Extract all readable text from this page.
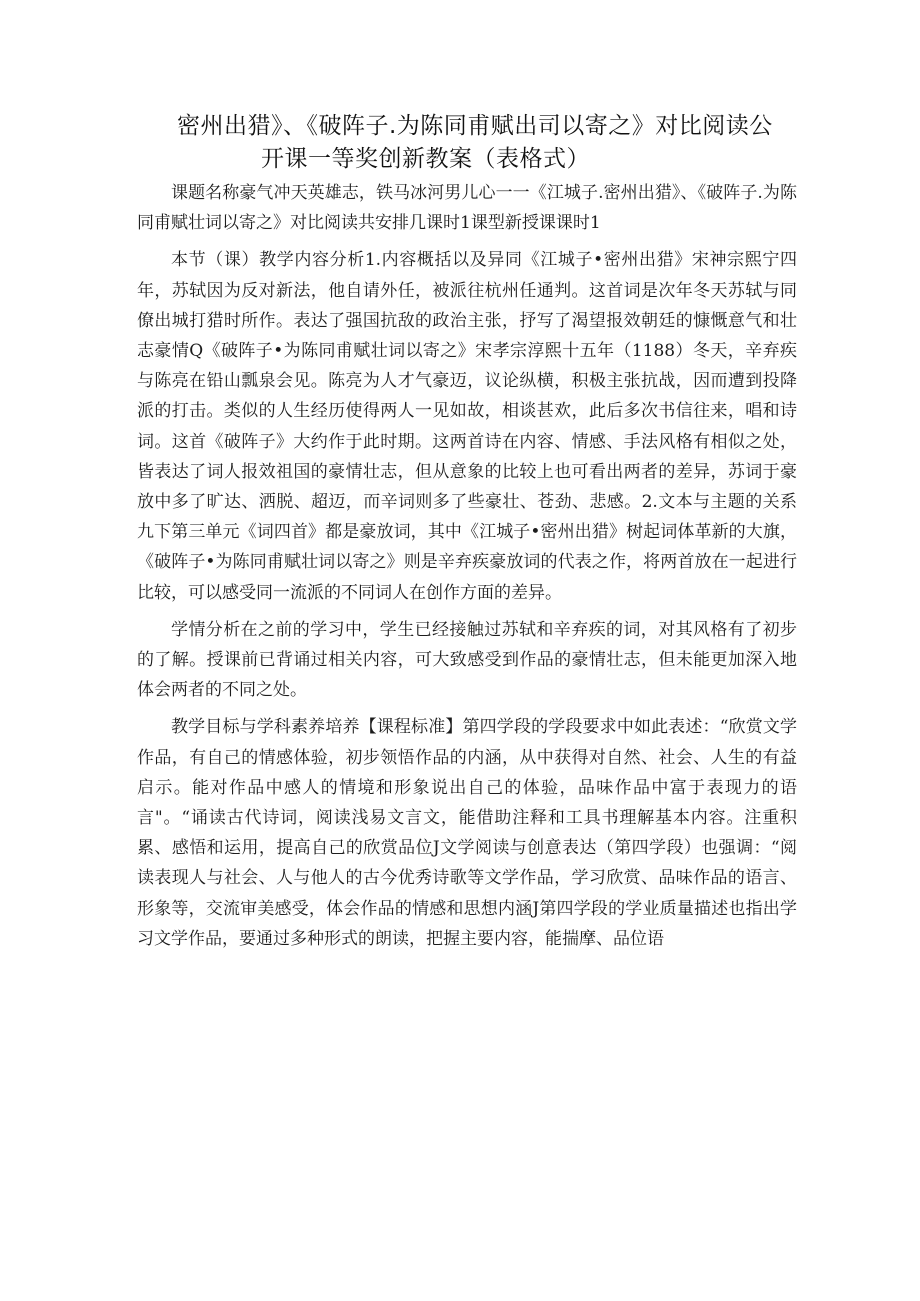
密州出猎》、《破阵子.为陈同甫赋出司以寄之》对比阅读公
开课一等奖创新教案（表格式）

课题名称豪气冲天英雄志，铁马冰河男儿心一一《江城子.密州出猎》、《破阵子.为陈同甫赋壮词以寄之》对比阅读共安排几课时1课型新授课课时1

本节（课）教学内容分析1.内容概括以及异同《江城子•密州出猎》宋神宗熙宁四年，苏轼因为反对新法，他自请外任，被派往杭州任通判。这首词是次年冬天苏轼与同僚出城打猎时所作。表达了强国抗敌的政治主张，抒写了渴望报效朝廷的慷慨意气和壮志豪情Q《破阵子•为陈同甫赋壮词以寄之》宋孝宗淳熙十五年（1188）冬天，辛弃疾与陈亮在铅山瓢泉会见。陈亮为人才气豪迈，议论纵横，积极主张抗战，因而遭到投降派的打击。类似的人生经历使得两人一见如故，相谈甚欢，此后多次书信往来，唱和诗词。这首《破阵子》大约作于此时期。这两首诗在内容、情感、手法风格有相似之处，皆表达了词人报效祖国的豪情壮志，但从意象的比较上也可看出两者的差异，苏词于豪放中多了旷达、洒脱、超迈，而辛词则多了些豪壮、苍劲、悲感。2.文本与主题的关系九下第三单元《词四首》都是豪放词，其中《江城子•密州出猎》树起词体革新的大旗，《破阵子•为陈同甫赋壮词以寄之》则是辛弃疾豪放词的代表之作，将两首放在一起进行比较，可以感受同一流派的不同词人在创作方面的差异。

学情分析在之前的学习中，学生已经接触过苏轼和辛弃疾的词，对其风格有了初步的了解。授课前已背诵过相关内容，可大致感受到作品的豪情壮志，但未能更加深入地体会两者的不同之处。

教学目标与学科素养培养【课程标准】第四学段的学段要求中如此表述：“欣赏文学作品，有自己的情感体验，初步领悟作品的内涵，从中获得对自然、社会、人生的有益启示。能对作品中感人的情境和形象说出自己的体验，品味作品中富于表现力的语言"。“诵读古代诗词，阅读浅易文言文，能借助注释和工具书理解基本内容。注重积累、感悟和运用，提高自己的欣赏品位J文学阅读与创意表达（第四学段）也强调：“阅读表现人与社会、人与他人的古今优秀诗歌等文学作品，学习欣赏、品味作品的语言、形象等，交流审美感受，体会作品的情感和思想内涵J第四学段的学业质量描述也指出学习文学作品，要通过多种形式的朗读，把握主要内容，能揣摩、品位语
